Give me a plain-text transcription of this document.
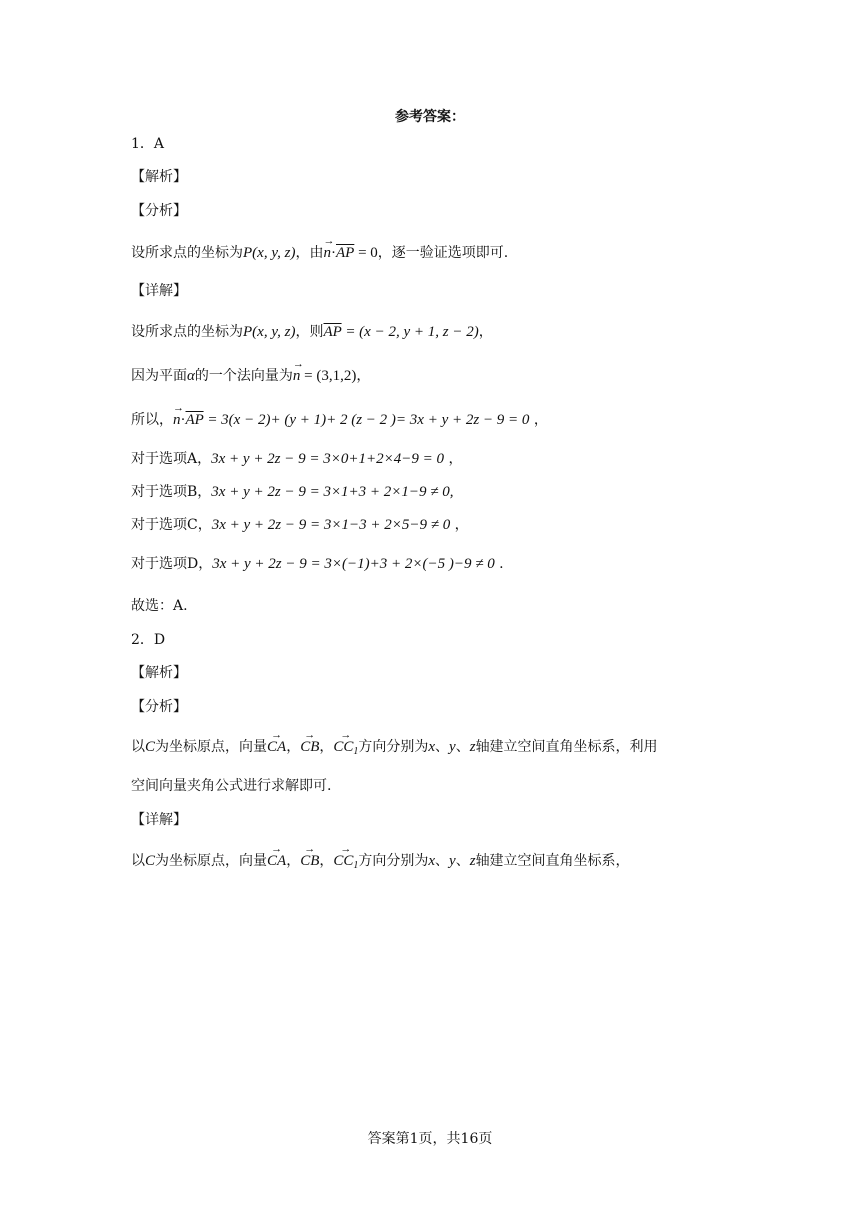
参考答案：
1．A
【解析】
【分析】
设所求点的坐标为P(x, y, z)，由→ $n\cdot\overline{AP} = 0$，逐一验证选项即可.
【详解】
设所求点的坐标为P(x, y, z)，则$\overline{AP} = (x - 2$, y + 1, z − 2)，
因为平面α的一个法向量为→ n = (3,1,2)，
所以，→ $n\cdot\overline{AP} = 3(x - 2)+ (y + 1)+ 2$ (z − 2 )= 3x + y + 2z − 9 = 0 ，
对于选项A，3x + y + 2z − 9 = 3×0+1+2×4−9 = 0 ，
对于选项B，3x + y + 2z − 9 = 3×1+3 + 2×1−9 ≠ 0,
对于选项C，3x + y + 2z − 9 = 3×1−3 + 2×5−9 ≠ 0 ，
对于选项D，3x + y + 2z − 9 = 3×(−1)+3 + 2×(−5 )−9 ≠ 0 .
故选：A.
2．D
【解析】
【分析】
以C为坐标原点，向量→ CA，→ CB，→ $CC_1$方向分别为x、y、z轴建立空间直角坐标系，利用
空间向量夹角公式进行求解即可.
【详解】
以C为坐标原点，向量→ CA，→ CB，→ $CC_1$方向分别为x、y、z轴建立空间直角坐标系，
答案第1页，共16页
